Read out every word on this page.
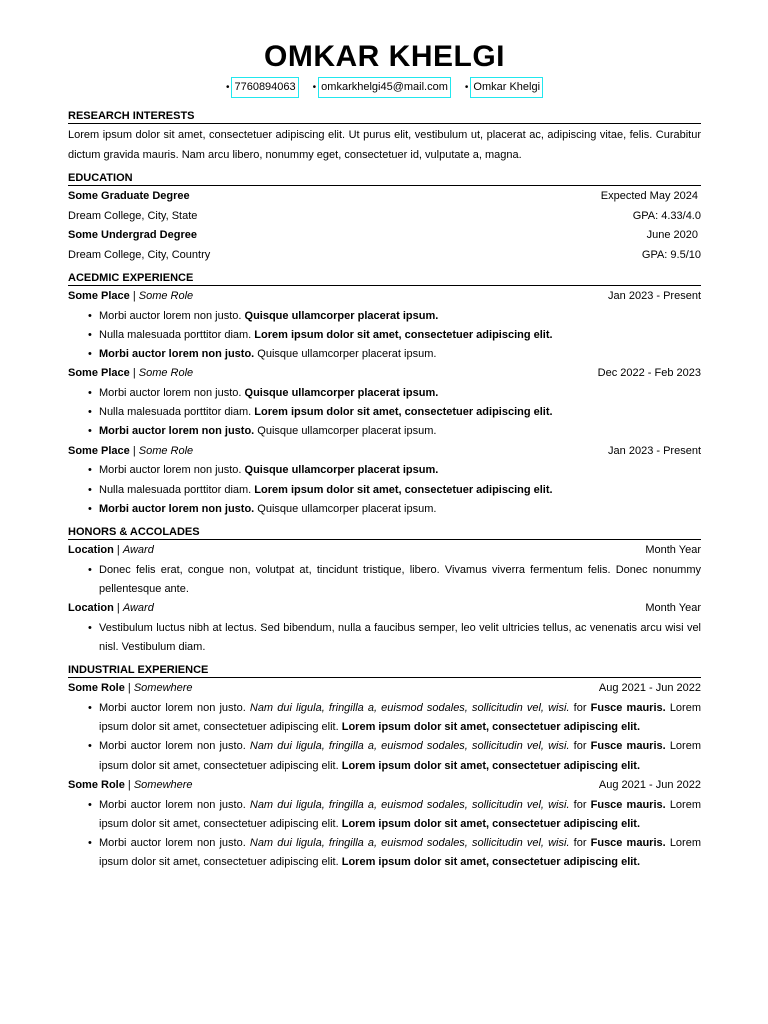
OMKAR KHELGI
• 7760894063	• omkarkhelgi45@mail.com	• Omkar Khelgi
RESEARCH INTERESTS
Lorem ipsum dolor sit amet, consectetuer adipiscing elit. Ut purus elit, vestibulum ut, placerat ac, adipiscing vitae, felis. Curabitur dictum gravida mauris. Nam arcu libero, nonummy eget, consectetuer id, vulputate a, magna.
EDUCATION
Some Graduate Degree	Expected May 2024
Dream College, City, State	GPA: 4.33/4.0
Some Undergrad Degree	June 2020
Dream College, City, Country	GPA: 9.5/10
ACEDMIC EXPERIENCE
Some Place | Some Role	Jan 2023 - Present
• Morbi auctor lorem non justo. Quisque ullamcorper placerat ipsum.
• Nulla malesuada porttitor diam. Lorem ipsum dolor sit amet, consectetuer adipiscing elit.
• Morbi auctor lorem non justo. Quisque ullamcorper placerat ipsum.
Some Place | Some Role	Dec 2022 - Feb 2023
• Morbi auctor lorem non justo. Quisque ullamcorper placerat ipsum.
• Nulla malesuada porttitor diam. Lorem ipsum dolor sit amet, consectetuer adipiscing elit.
• Morbi auctor lorem non justo. Quisque ullamcorper placerat ipsum.
Some Place | Some Role	Jan 2023 - Present
• Morbi auctor lorem non justo. Quisque ullamcorper placerat ipsum.
• Nulla malesuada porttitor diam. Lorem ipsum dolor sit amet, consectetuer adipiscing elit.
• Morbi auctor lorem non justo. Quisque ullamcorper placerat ipsum.
HONORS & ACCOLADES
Location | Award	Month Year
• Donec felis erat, congue non, volutpat at, tincidunt tristique, libero. Vivamus viverra fermentum felis. Donec nonummy pellentesque ante.
Location | Award	Month Year
• Vestibulum luctus nibh at lectus. Sed bibendum, nulla a faucibus semper, leo velit ultricies tellus, ac venenatis arcu wisi vel nisl. Vestibulum diam.
INDUSTRIAL EXPERIENCE
Some Role | Somewhere	Aug 2021 - Jun 2022
• Morbi auctor lorem non justo. Nam dui ligula, fringilla a, euismod sodales, sollicitudin vel, wisi. for Fusce mauris. Lorem ipsum dolor sit amet, consectetuer adipiscing elit. Lorem ipsum dolor sit amet, consectetuer adipiscing elit.
• Morbi auctor lorem non justo. Nam dui ligula, fringilla a, euismod sodales, sollicitudin vel, wisi. for Fusce mauris. Lorem ipsum dolor sit amet, consectetuer adipiscing elit. Lorem ipsum dolor sit amet, consectetuer adipiscing elit.
Some Role | Somewhere	Aug 2021 - Jun 2022
• Morbi auctor lorem non justo. Nam dui ligula, fringilla a, euismod sodales, sollicitudin vel, wisi. for Fusce mauris. Lorem ipsum dolor sit amet, consectetuer adipiscing elit. Lorem ipsum dolor sit amet, consectetuer adipiscing elit.
• Morbi auctor lorem non justo. Nam dui ligula, fringilla a, euismod sodales, sollicitudin vel, wisi. for Fusce mauris. Lorem ipsum dolor sit amet, consectetuer adipiscing elit. Lorem ipsum dolor sit amet, consectetuer adipiscing elit.
